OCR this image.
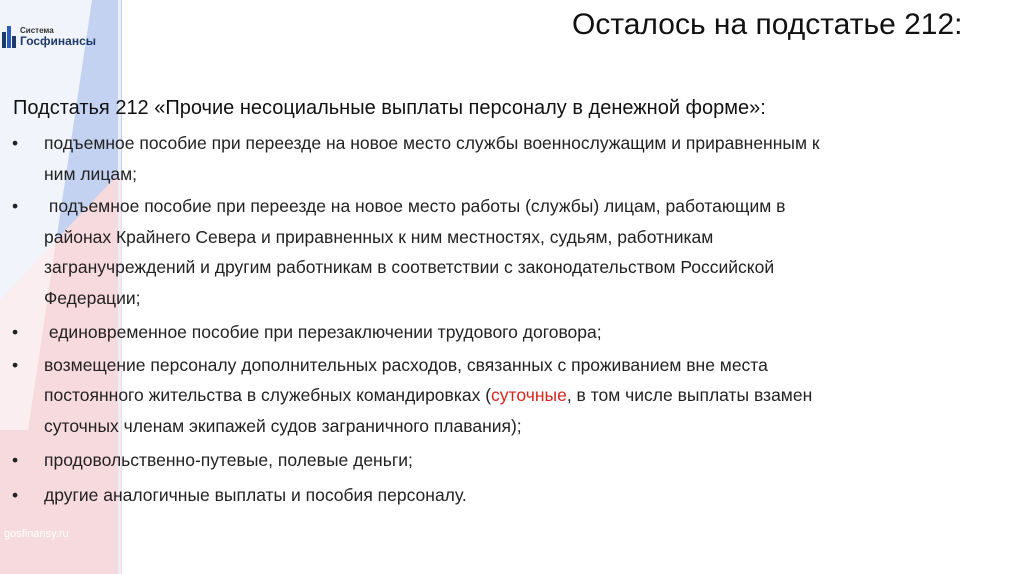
Система
Госфинансы	Осталось на подстатье 212:

Подстатья 212 «Прочие несоциальные выплаты персоналу в денежной форме»:

•	подъемное пособие при переезде на новое место службы военнослужащим и приравненным к
ним лицам;
•	подъемное пособие при переезде на новое место работы (службы) лицам, работающим в
районах Крайнего Севера и приравненных к ним местностях, судьям, работникам
загранучреждений и другим работникам в соответствии с законодательством Российской
Федерации;
•	единовременное пособие при перезаключении трудового договора;
•	возмещение персоналу дополнительных расходов, связанных с проживанием вне места
постоянного жительства в служебных командировках (суточные, в том числе выплаты взамен
суточных членам экипажей судов заграничного плавания);
•	продовольственно-путевые, полевые деньги;
•	другие аналогичные выплаты и пособия персоналу.
gosfinansy.ru
